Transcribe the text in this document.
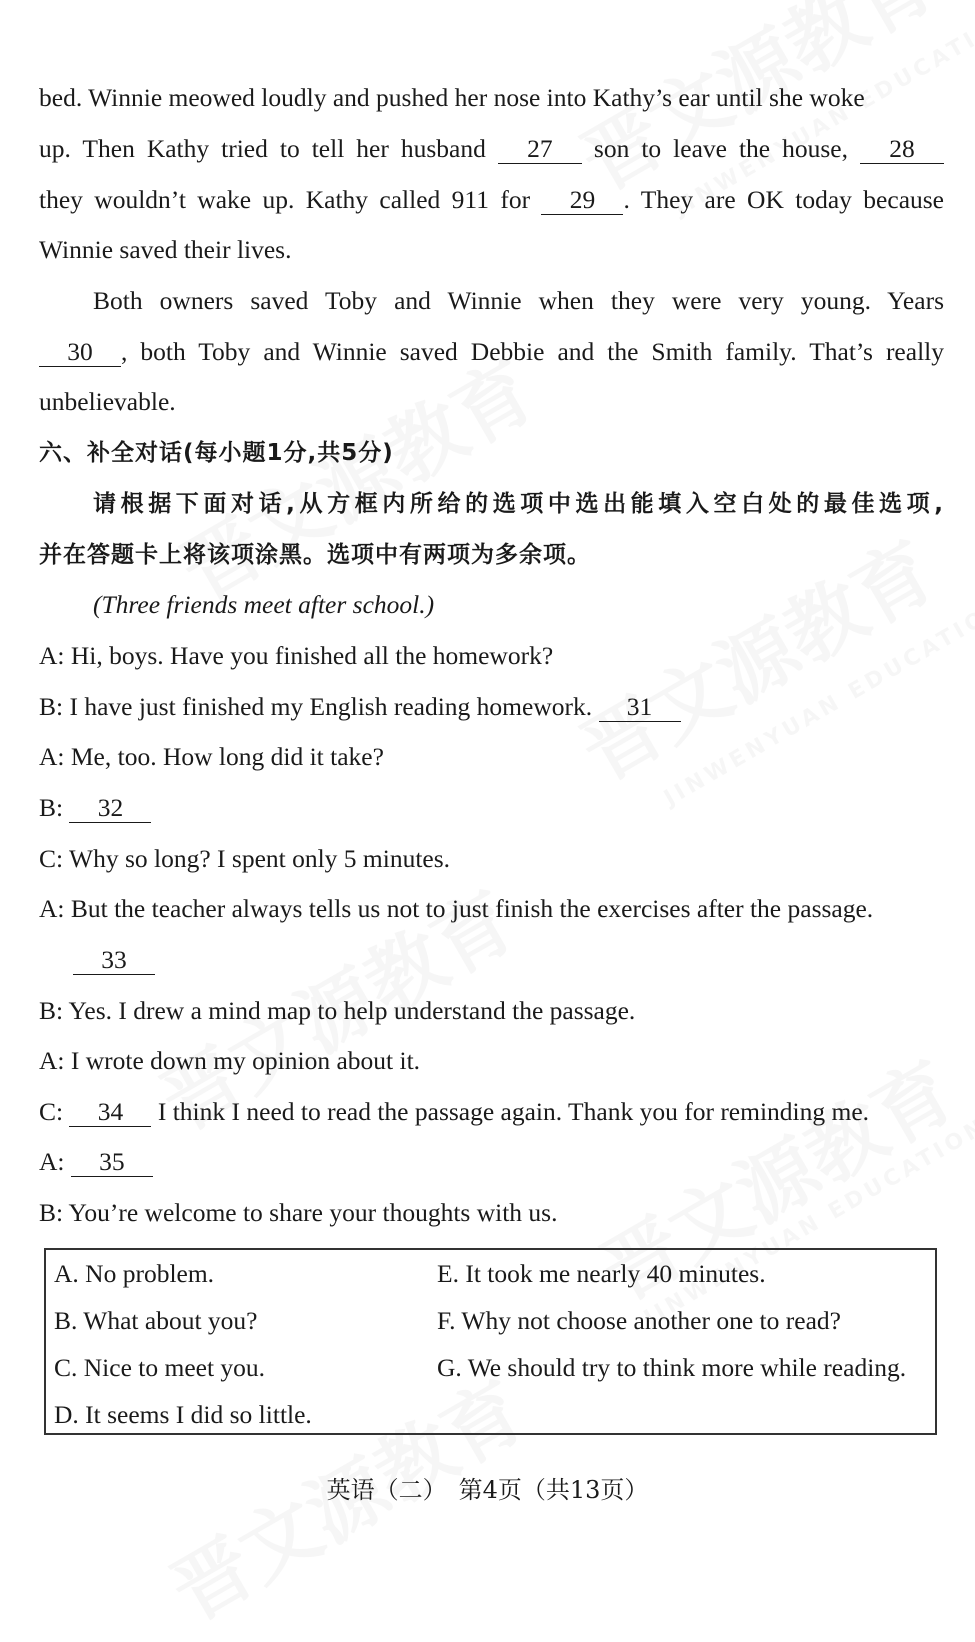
bed. Winnie meowed loudly and pushed her nose into Kathy’s ear until she woke
up. Then Kathy tried to tell her husband 27 son to leave the house, 28
they wouldn’t wake up. Kathy called 911 for 29 . They are OK today because
Winnie saved their lives.
Both owners saved Toby and Winnie when they were very young. Years
30 , both Toby and Winnie saved Debbie and the Smith family. That’s really
unbelievable.
六、补全对话(每小题1分,共5分)
请根据下面对话,从方框内所给的选项中选出能填入空白处的最佳选项,
并在答题卡上将该项涂黑。选项中有两项为多余项。
(Three friends meet after school.)
A: Hi, boys. Have you finished all the homework?
B: I have just finished my English reading homework. 31
A: Me, too. How long did it take?
B: 32
C: Why so long? I spent only 5 minutes.
A: But the teacher always tells us not to just finish the exercises after the passage.
33
B: Yes. I drew a mind map to help understand the passage.
A: I wrote down my opinion about it.
C: 34 I think I need to read the passage again. Thank you for reminding me.
A: 35
B: You’re welcome to share your thoughts with us.
A. No problem.
B. What about you?
C. Nice to meet you.
D. It seems I did so little.
E. It took me nearly 40 minutes.
F. Why not choose another one to read?
G. We should try to think more while reading.
英语（二）　第4页（共13页）
